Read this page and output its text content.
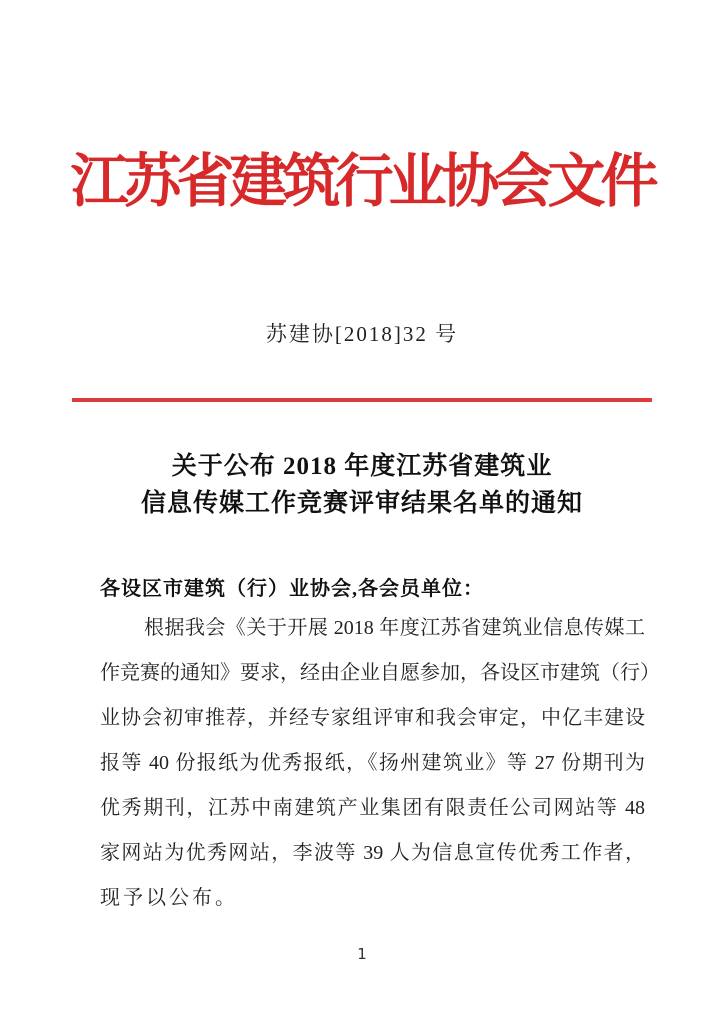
江苏省建筑行业协会文件
苏建协[2018]32 号
关于公布 2018 年度江苏省建筑业
信息传媒工作竞赛评审结果名单的通知
各设区市建筑（行）业协会,各会员单位：
根据我会《关于开展 2018 年度江苏省建筑业信息传媒工
作竞赛的通知》要求，经由企业自愿参加，各设区市建筑（行）
业协会初审推荐，并经专家组评审和我会审定，中亿丰建设
报等 40 份报纸为优秀报纸，《扬州建筑业》等 27 份期刊为
优秀期刊，江苏中南建筑产业集团有限责任公司网站等 48
家网站为优秀网站，李波等 39 人为信息宣传优秀工作者，
现予以公布。
1
